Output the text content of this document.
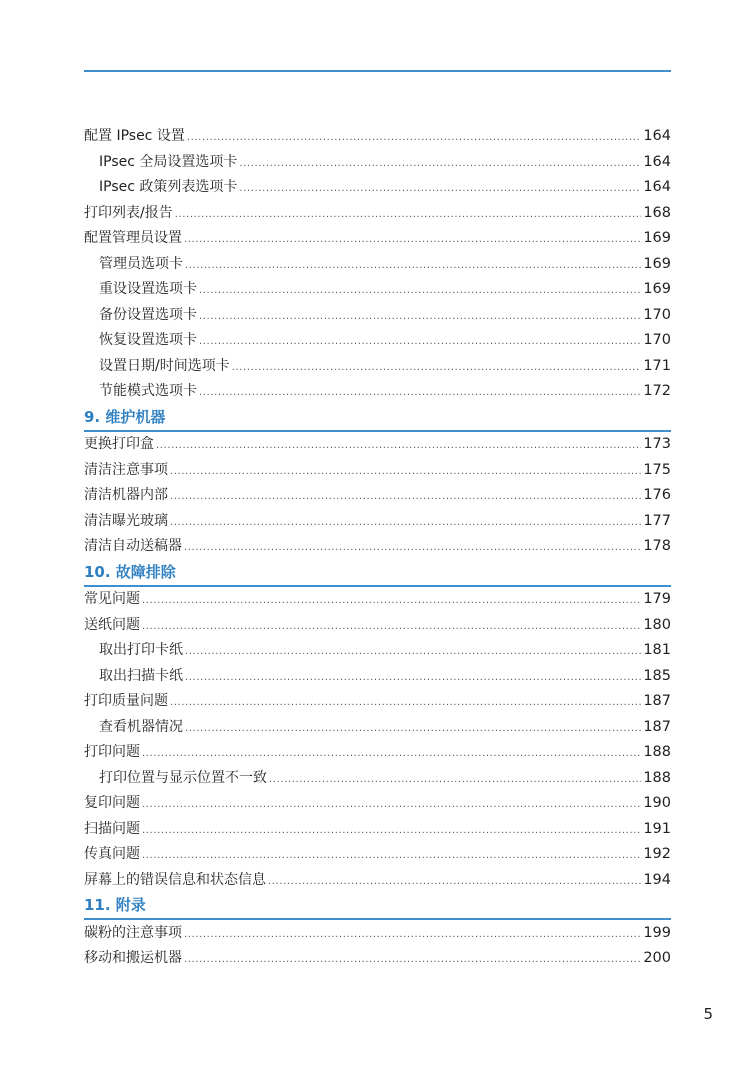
配置 IPsec 设置 .....	164
IPsec 全局设置选项卡 .....	164
IPsec 政策列表选项卡 .....	164
打印列表/报告 .....	168
配置管理员设置 .....	169
管理员选项卡 .....	169
重设设置选项卡 .....	169
备份设置选项卡 .....	170
恢复设置选项卡 .....	170
设置日期/时间选项卡 .....	171
节能模式选项卡 .....	172
9. 维护机器
更换打印盒 .....	173
清洁注意事项 .....	175
清洁机器内部 .....	176
清洁曝光玻璃 .....	177
清洁自动送稿器 .....	178
10. 故障排除
常见问题 .....	179
送纸问题 .....	180
取出打印卡纸 .....	181
取出扫描卡纸 .....	185
打印质量问题 .....	187
查看机器情况 .....	187
打印问题 .....	188
打印位置与显示位置不一致 .....	188
复印问题 .....	190
扫描问题 .....	191
传真问题 .....	192
屏幕上的错误信息和状态信息 .....	194
11. 附录
碳粉的注意事项 .....	199
移动和搬运机器 .....	200
5
